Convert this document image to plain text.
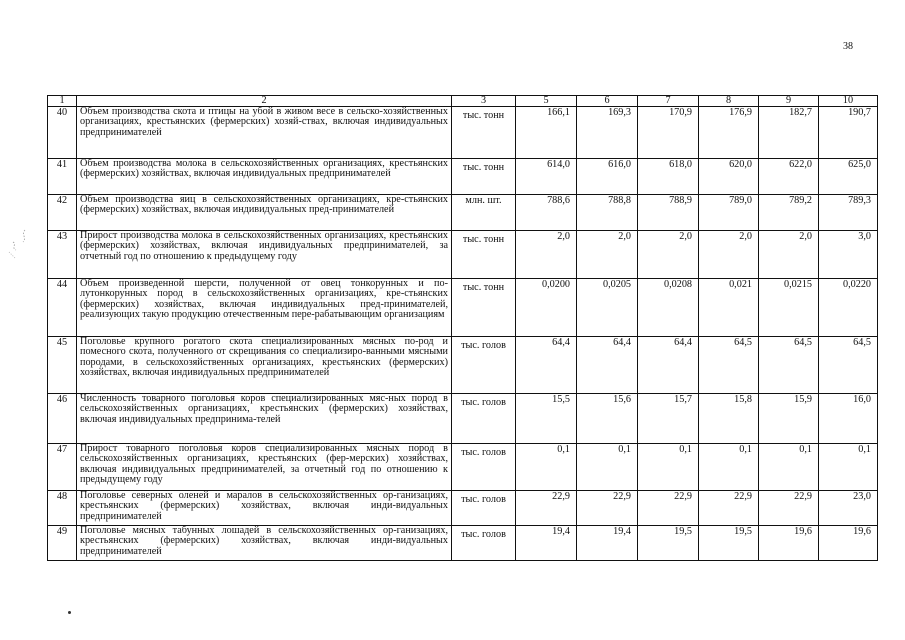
38
1	2	3	5	6	7	8	9	10
40	Объем производства скота и птицы на убой в живом весе в сельско-хозяйственных организациях, крестьянских (фермерских) хозяй-ствах, включая индивидуальных предпринимателей	тыс. тонн	166,1	169,3	170,9	176,9	182,7	190,7
41	Объем производства молока в сельскохозяйственных организациях, крестьянских (фермерских) хозяйствах, включая индивидуальных предпринимателей	тыс. тонн	614,0	616,0	618,0	620,0	622,0	625,0
42	Объем производства яиц в сельскохозяйственных организациях, кре-стьянских (фермерских) хозяйствах, включая индивидуальных пред-принимателей	млн. шт.	788,6	788,8	788,9	789,0	789,2	789,3
43	Прирост производства молока в сельскохозяйственных организациях, крестьянских (фермерских) хозяйствах, включая индивидуальных предпринимателей, за отчетный год по отношению к предыдущему году	тыс. тонн	2,0	2,0	2,0	2,0	2,0	3,0
44	Объем произведенной шерсти, полученной от овец тонкорунных и по-лутонкорунных пород в сельскохозяйственных организациях, кре-стьянских (фермерских) хозяйствах, включая индивидуальных пред-принимателей, реализующих такую продукцию отечественным пере-рабатывающим организациям	тыс. тонн	0,0200	0,0205	0,0208	0,021	0,0215	0,0220
45	Поголовье крупного рогатого скота специализированных мясных по-род и помесного скота, полученного от скрещивания со специализиро-ванными мясными породами, в сельскохозяйственных организациях, крестьянских (фермерских) хозяйствах, включая индивидуальных предпринимателей	тыс. голов	64,4	64,4	64,4	64,5	64,5	64,5
46	Численность товарного поголовья коров специализированных мяс-ных пород в сельскохозяйственных организациях, крестьянских (фермерских) хозяйствах, включая индивидуальных предпринима-телей	тыс. голов	15,5	15,6	15,7	15,8	15,9	16,0
47	Прирост товарного поголовья коров специализированных мясных пород в сельскохозяйственных организациях, крестьянских (фер-мерских) хозяйствах, включая индивидуальных предпринимателей, за отчетный год по отношению к предыдущему году	тыс. голов	0,1	0,1	0,1	0,1	0,1	0,1
48	Поголовье северных оленей и маралов в сельскохозяйственных ор-ганизациях, крестьянских (фермерских) хозяйствах, включая инди-видуальных предпринимателей	тыс. голов	22,9	22,9	22,9	22,9	22,9	23,0
49	Поголовье мясных табунных лошадей в сельскохозяйственных ор-ганизациях, крестьянских (фермерских) хозяйствах, включая инди-видуальных предпринимателей	тыс. голов	19,4	19,4	19,5	19,5	19,6	19,6
